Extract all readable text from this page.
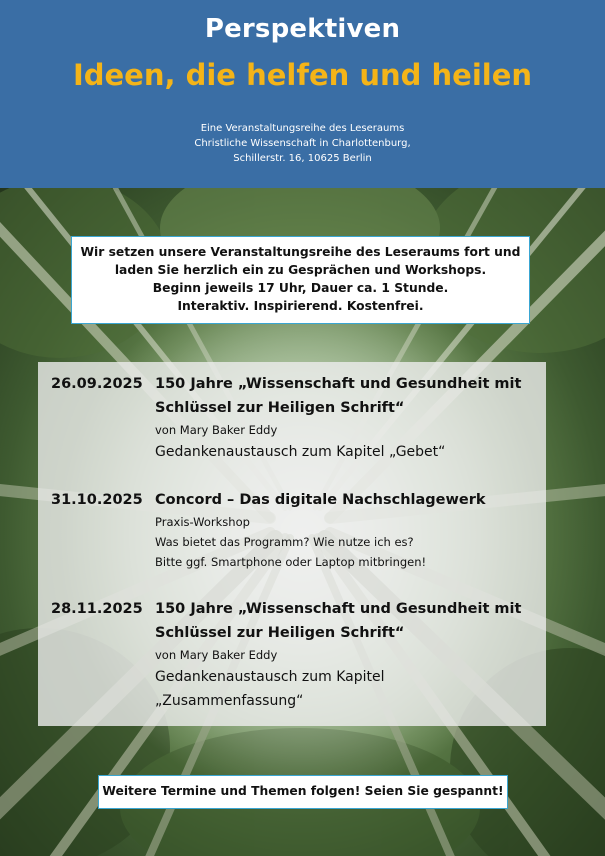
Perspektiven
Ideen, die helfen und heilen
Eine Veranstaltungsreihe des Leseraums
Christliche Wissenschaft in Charlottenburg,
Schillerstr. 16, 10625 Berlin
Wir setzen unsere Veranstaltungsreihe des Leseraums fort und
laden Sie herzlich ein zu Gesprächen und Workshops.
Beginn jeweils 17 Uhr, Dauer ca. 1 Stunde.
Interaktiv. Inspirierend. Kostenfrei.
26.09.2025 150 Jahre „Wissenschaft und Gesundheit mit
Schlüssel zur Heiligen Schrift“
von Mary Baker Eddy
Gedankenaustausch zum Kapitel „Gebet“
31.10.2025 Concord – Das digitale Nachschlagewerk
Praxis-Workshop
Was bietet das Programm? Wie nutze ich es?
Bitte ggf. Smartphone oder Laptop mitbringen!
28.11.2025 150 Jahre „Wissenschaft und Gesundheit mit
Schlüssel zur Heiligen Schrift“
von Mary Baker Eddy
Gedankenaustausch zum Kapitel
„Zusammenfassung“
Weitere Termine und Themen folgen! Seien Sie gespannt!
